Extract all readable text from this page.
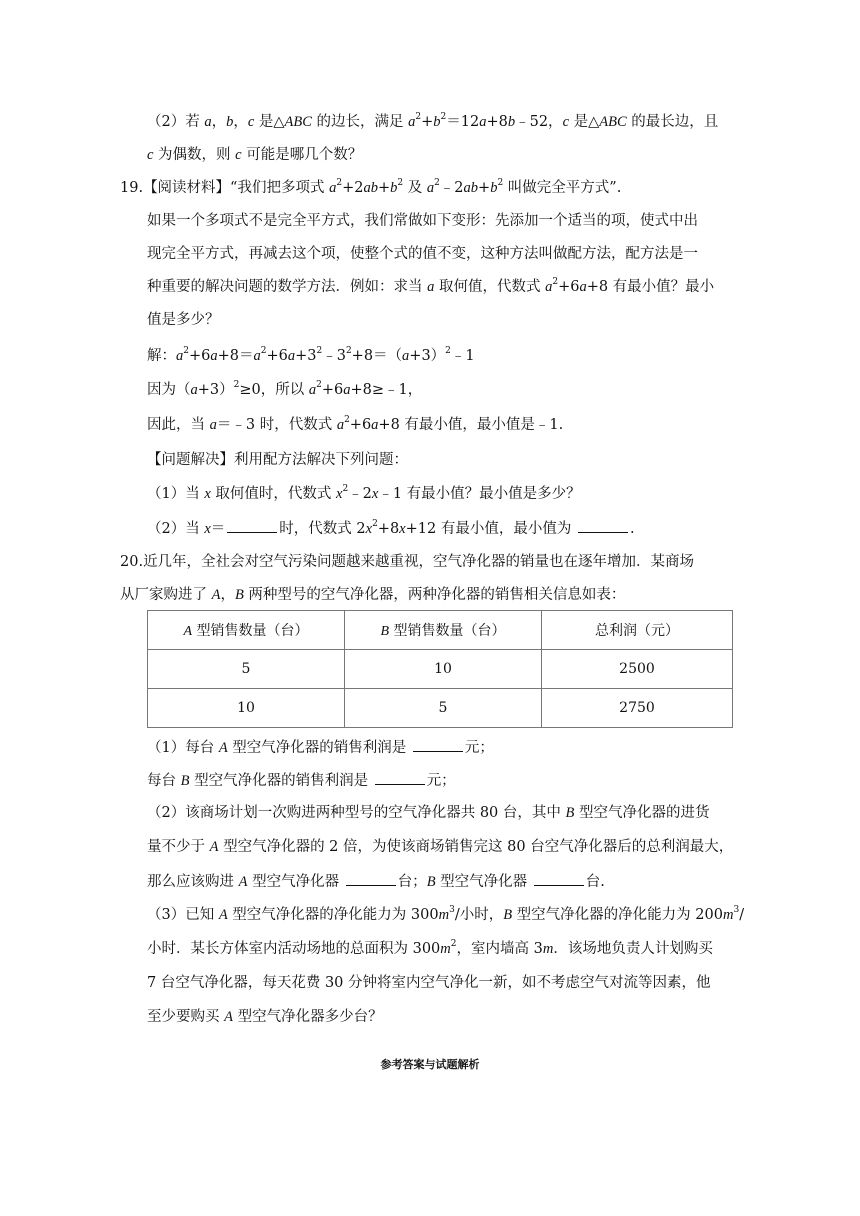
（2）若 a，b，c 是△ABC 的边长，满足 $a^2+b^2=12a+8b﹣52$，c 是△ABC 的最长边，且
c 为偶数，则 c 可能是哪几个数？
19.【阅读材料】“我们把多项式 $a^2+2ab+b^2$ 及 $a^2﹣2ab+b^2$ 叫做完全平方式”.
如果一个多项式不是完全平方式，我们常做如下变形：先添加一个适当的项，使式中出
现完全平方式，再减去这个项，使整个式的值不变，这种方法叫做配方法，配方法是一
种重要的解决问题的数学方法．例如：求当 a 取何值，代数式 $a^2+6a+8$ 有最小值？最小
值是多少？
解：$a^2+6a+8=a^2+6a+3^2﹣3^2+8=(a+3)^2﹣1$
因为$(a+3)^2\ge 0$，所以 $a^2+6a+8\ge﹣1$，
因此，当 a＝﹣3 时，代数式 $a^2+6a+8$ 有最小值，最小值是﹣1.
【问题解决】利用配方法解决下列问题：
（1）当 x 取何值时，代数式 $x^2﹣2x﹣1$ 有最小值？最小值是多少？
（2）当 x＝	时，代数式 $2x^2+8x+12$ 有最小值，最小值为	.
20.近几年，全社会对空气污染问题越来越重视，空气净化器的销量也在逐年增加．某商场
从厂家购进了 A，B 两种型号的空气净化器，两种净化器的销售相关信息如表：
A 型销售数量（台）	B 型销售数量（台）	总利润（元）
5	10	2500
10	5	2750
（1）每台 A 型空气净化器的销售利润是	元；
每台 B 型空气净化器的销售利润是	元；
（2）该商场计划一次购进两种型号的空气净化器共 80 台，其中 B 型空气净化器的进货
量不少于 A 型空气净化器的 2 倍，为使该商场销售完这 80 台空气净化器后的总利润最大，
那么应该购进 A 型空气净化器	台；B 型空气净化器	台.
（3）已知 A 型空气净化器的净化能力为 $300m^3/$小时，B 型空气净化器的净化能力为 $200m^3/$
小时．某长方体室内活动场地的总面积为 $300m^2$，室内墙高 3m．该场地负责人计划购买
7 台空气净化器，每天花费 30 分钟将室内空气净化一新，如不考虑空气对流等因素，他
至少要购买 A 型空气净化器多少台？
参考答案与试题解析
